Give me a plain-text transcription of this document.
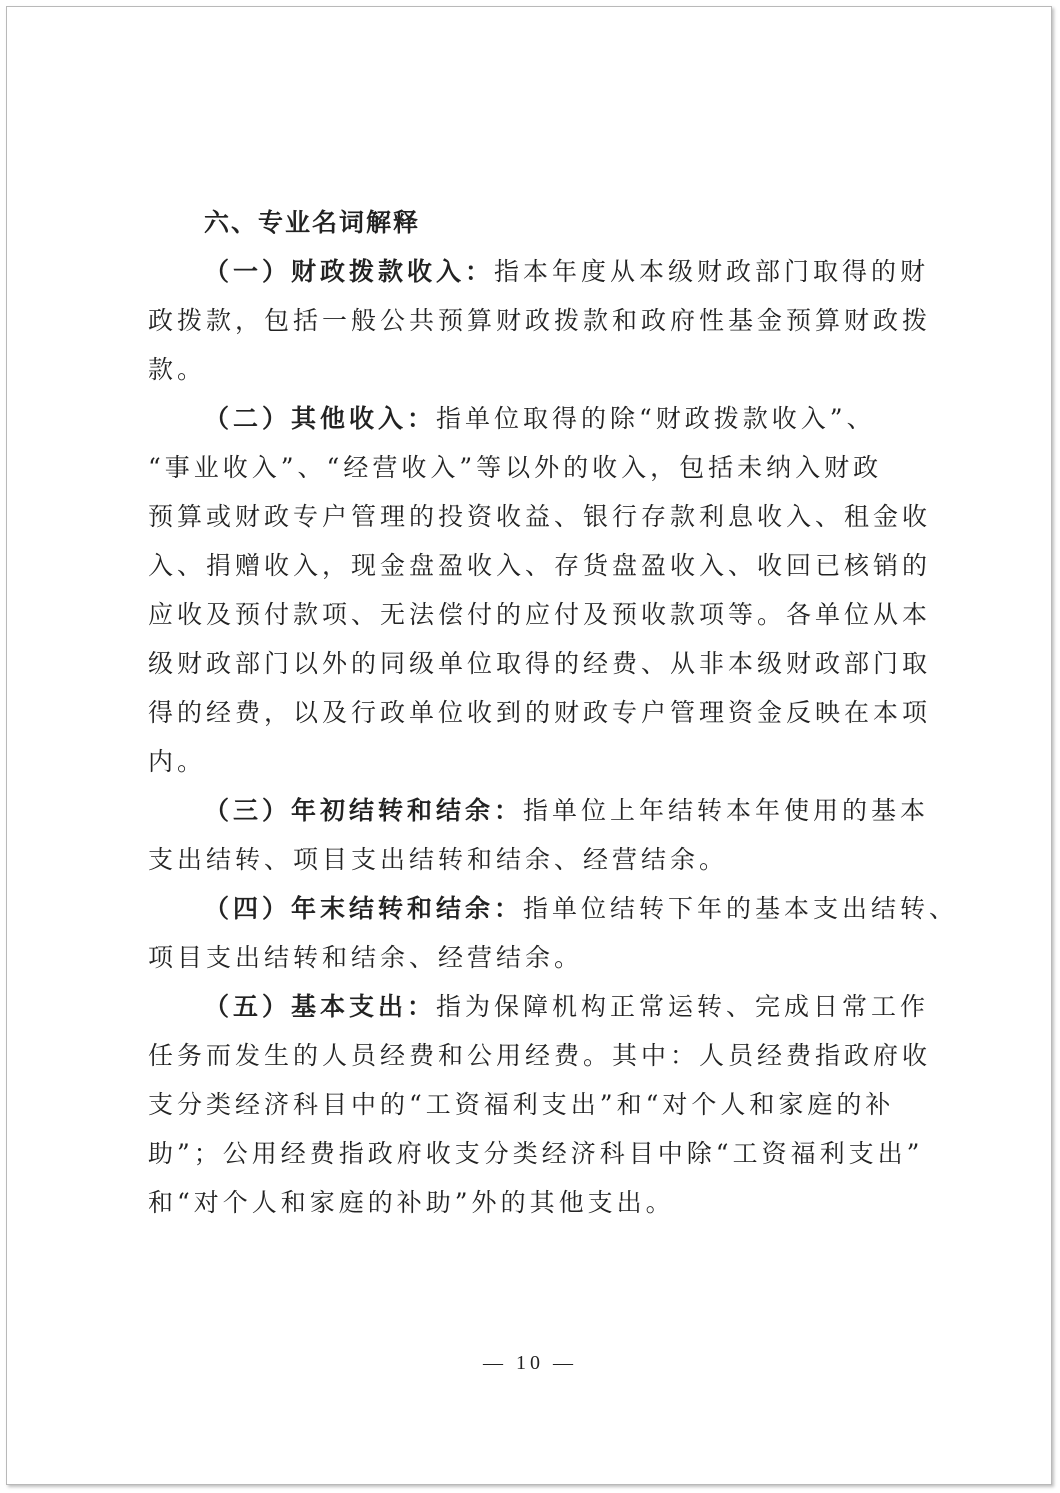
六、专业名词解释
（一）财政拨款收入：指本年度从本级财政部门取得的财
政拨款，包括一般公共预算财政拨款和政府性基金预算财政拨
款。
（二）其他收入：指单位取得的除“财政拨款收入”、
“事业收入”、“经营收入”等以外的收入，包括未纳入财政
预算或财政专户管理的投资收益、银行存款利息收入、租金收
入、捐赠收入，现金盘盈收入、存货盘盈收入、收回已核销的
应收及预付款项、无法偿付的应付及预收款项等。各单位从本
级财政部门以外的同级单位取得的经费、从非本级财政部门取
得的经费，以及行政单位收到的财政专户管理资金反映在本项
内。
（三）年初结转和结余：指单位上年结转本年使用的基本
支出结转、项目支出结转和结余、经营结余。
（四）年末结转和结余：指单位结转下年的基本支出结转、
项目支出结转和结余、经营结余。
（五）基本支出：指为保障机构正常运转、完成日常工作
任务而发生的人员经费和公用经费。其中：人员经费指政府收
支分类经济科目中的“工资福利支出”和“对个人和家庭的补
助”；公用经费指政府收支分类经济科目中除“工资福利支出”
和“对个人和家庭的补助”外的其他支出。
— 10 —
